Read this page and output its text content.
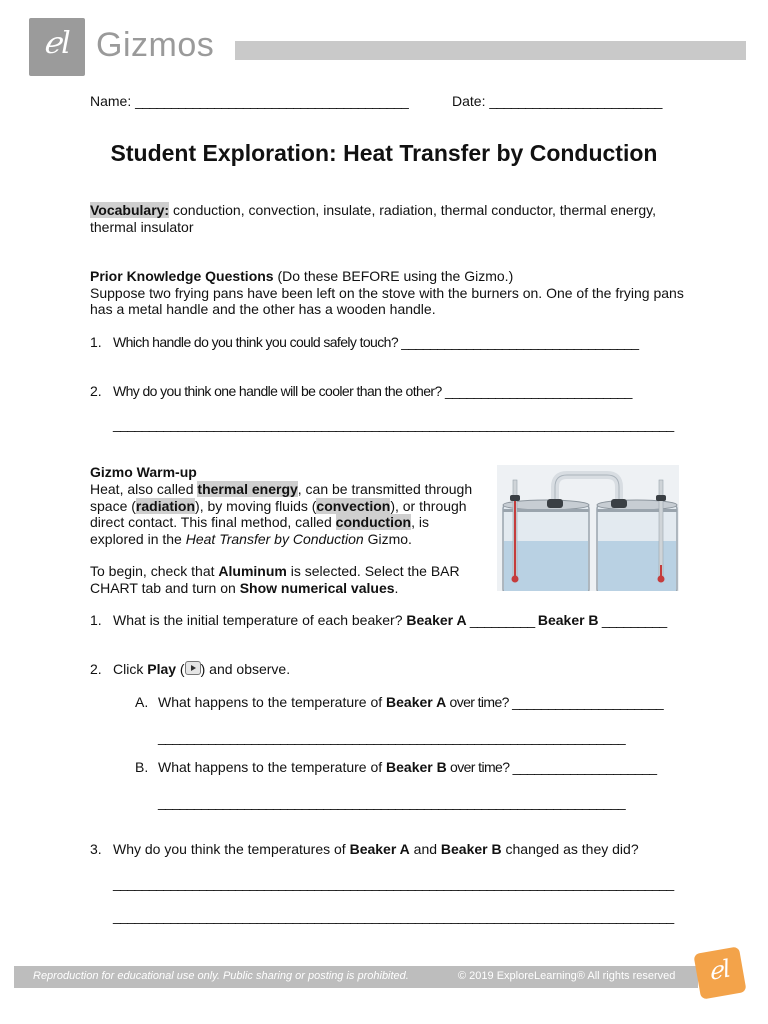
ℯl Gizmos
Name: ______________________________________	Date: ________________________
Student Exploration: Heat Transfer by Conduction
Vocabulary: conduction, convection, insulate, radiation, thermal conductor, thermal energy,
thermal insulator
Prior Knowledge Questions (Do these BEFORE using the Gizmo.)
Suppose two frying pans have been left on the stove with the burners on. One of the frying pans
has a metal handle and the other has a wooden handle.
1. Which handle do you think you could safely touch? _________________________________
2. Why do you think one handle will be cooler than the other? __________________________
______________________________________________________________________________
Gizmo Warm-up
Heat, also called thermal energy, can be transmitted through
space (radiation), by moving fluids (convection), or through
direct contact. This final method, called conduction, is
explored in the Heat Transfer by Conduction Gizmo.
To begin, check that Aluminum is selected. Select the BAR
CHART tab and turn on Show numerical values.
1. What is the initial temperature of each beaker? Beaker A _________ Beaker B _________
2. Click Play ( ) and observe.
A. What happens to the temperature of Beaker A over time? _____________________
_________________________________________________________________
B. What happens to the temperature of Beaker B over time? ____________________
_________________________________________________________________
3. Why do you think the temperatures of Beaker A and Beaker B changed as they did?
______________________________________________________________________________
______________________________________________________________________________
Reproduction for educational use only. Public sharing or posting is prohibited.	© 2019 ExploreLearning® All rights reserved	ℯl
